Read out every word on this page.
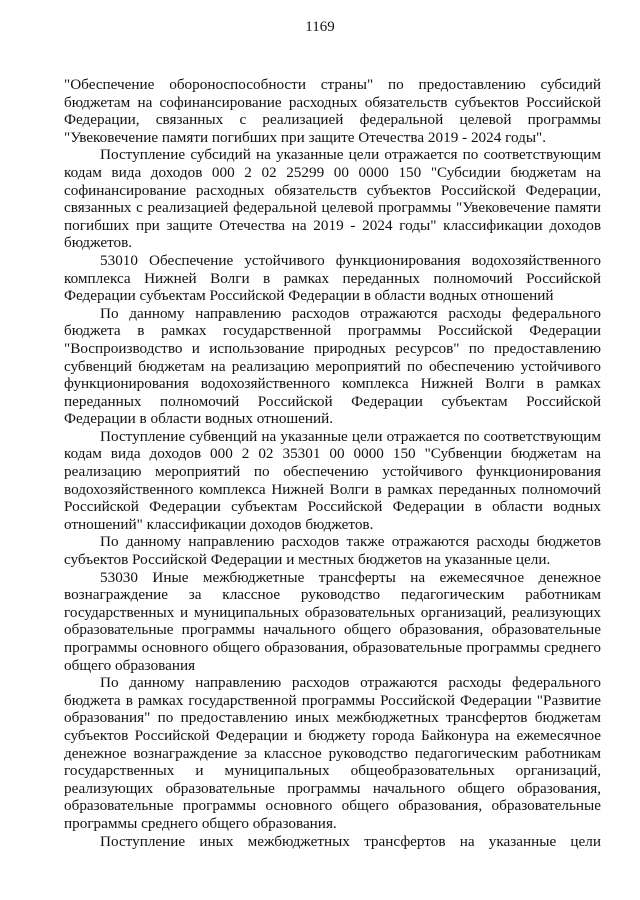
1169

"Обеспечение обороноспособности страны" по предоставлению субсидий бюджетам на софинансирование расходных обязательств субъектов Российской Федерации, связанных с реализацией федеральной целевой программы "Увековечение памяти погибших при защите Отечества 2019 - 2024 годы".

Поступление субсидий на указанные цели отражается по соответствующим кодам вида доходов 000 2 02 25299 00 0000 150 "Субсидии бюджетам на софинансирование расходных обязательств субъектов Российской Федерации, связанных с реализацией федеральной целевой программы "Увековечение памяти погибших при защите Отечества на 2019 - 2024 годы" классификации доходов бюджетов.

53010 Обеспечение устойчивого функционирования водохозяйственного комплекса Нижней Волги в рамках переданных полномочий Российской Федерации субъектам Российской Федерации в области водных отношений

По данному направлению расходов отражаются расходы федерального бюджета в рамках государственной программы Российской Федерации "Воспроизводство и использование природных ресурсов" по предоставлению субвенций бюджетам на реализацию мероприятий по обеспечению устойчивого функционирования водохозяйственного комплекса Нижней Волги в рамках переданных полномочий Российской Федерации субъектам Российской Федерации в области водных отношений.

Поступление субвенций на указанные цели отражается по соответствующим кодам вида доходов 000 2 02 35301 00 0000 150 "Субвенции бюджетам на реализацию мероприятий по обеспечению устойчивого функционирования водохозяйственного комплекса Нижней Волги в рамках переданных полномочий Российской Федерации субъектам Российской Федерации в области водных отношений" классификации доходов бюджетов.

По данному направлению расходов также отражаются расходы бюджетов субъектов Российской Федерации и местных бюджетов на указанные цели.

53030 Иные межбюджетные трансферты на ежемесячное денежное вознаграждение за классное руководство педагогическим работникам государственных и муниципальных образовательных организаций, реализующих образовательные программы начального общего образования, образовательные программы основного общего образования, образовательные программы среднего общего образования

По данному направлению расходов отражаются расходы федерального бюджета в рамках государственной программы Российской Федерации "Развитие образования" по предоставлению иных межбюджетных трансфертов бюджетам субъектов Российской Федерации и бюджету города Байконура на ежемесячное денежное вознаграждение за классное руководство педагогическим работникам государственных и муниципальных общеобразовательных организаций, реализующих образовательные программы начального общего образования, образовательные программы основного общего образования, образовательные программы среднего общего образования.

Поступление иных межбюджетных трансфертов на указанные цели
